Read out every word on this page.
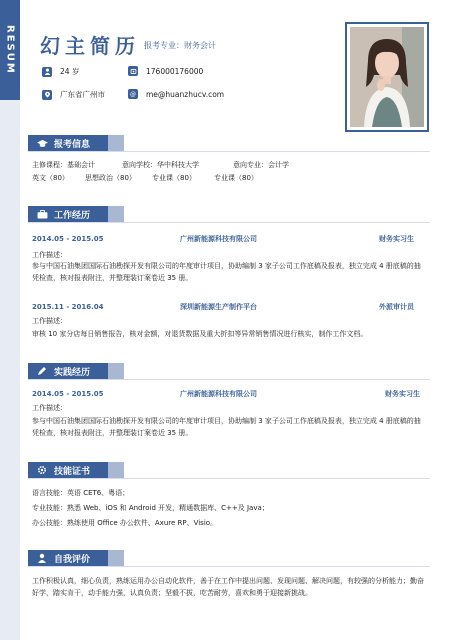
RESUM 幻主简历 报考专业：财务会计
24 岁	176000176000
广东省广州市	@ me@huanzhucv.com
报考信息
主修课程：基础会计	意向学校：华中科技大学	意向专业：会计学
英文（80） 思想政治（80） 专业课（80）	专业课（80）
工作经历
2014.05 - 2015.05	广州新能源科技有限公司	财务实习生
工作描述：
参与中国石油集团国际石油勘探开发有限公司的年度审计项目，协助编制 3 家子公司工作底稿及报表，独立完成 4 册底稿的抽凭检查，核对报表附注，并整理装订案卷近 35 册。
2015.11 - 2016.04	深圳新能源生产制作平台	外派审计员
工作描述：
审核 10 家分店每日销售报告，核对金额，对退货数据及重大折扣等异常销售情况进行核实，制作工作文档。
实践经历
2014.05 - 2015.05	广州新能源科技有限公司	财务实习生
工作描述：
参与中国石油集团国际石油勘探开发有限公司的年度审计项目，协助编制 3 家子公司工作底稿及报表，独立完成 4 册底稿的抽凭检查，核对报表附注，并整理装订案卷近 35 册。
技能证书
语言技能：英语 CET6、粤语；
专业技能：熟悉 Web、iOS 和 Android 开发，精通数据库、C++及 Java；
办公技能：熟练使用 Office 办公软件、Axure RP、Visio。
自我评价
工作积极认真，细心负责，熟练运用办公自动化软件，善于在工作中提出问题、发现问题、解决问题，有较强的分析能力；勤奋好学，踏实肯干，动手能力强，认真负责；坚毅不拔，吃苦耐劳，喜欢和勇于迎接新挑战。
